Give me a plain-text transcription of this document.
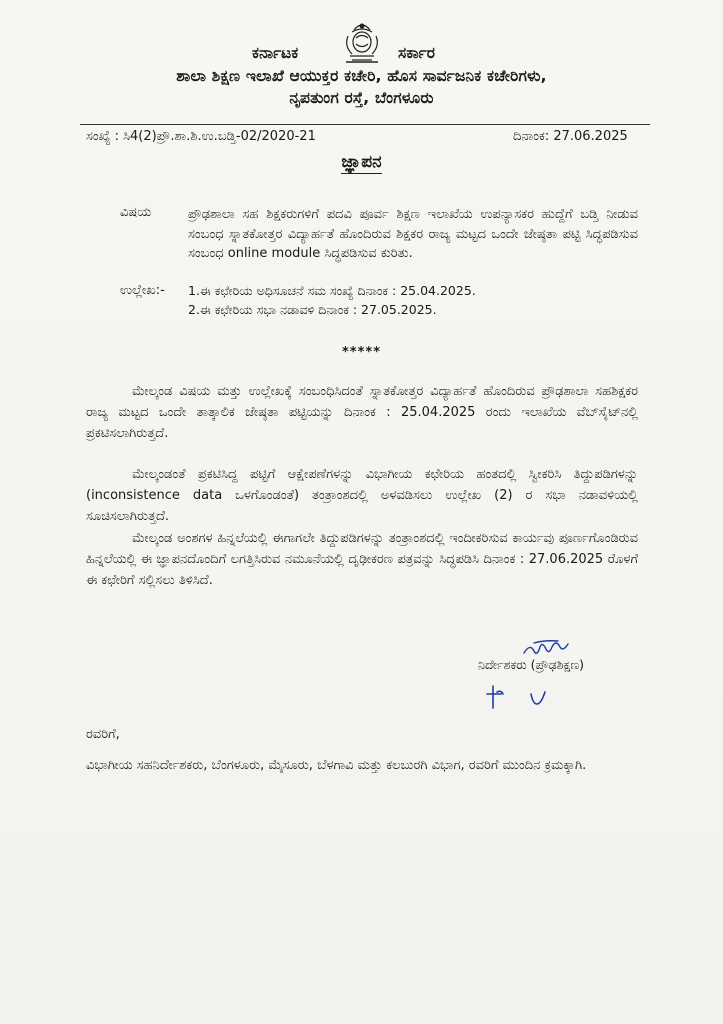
ಕರ್ನಾಟಕ	ಸರ್ಕಾರ
ಶಾಲಾ ಶಿಕ್ಷಣ ಇಲಾಖೆ ಆಯುಕ್ತರ ಕಚೇರಿ, ಹೊಸ ಸಾರ್ವಜನಿಕ ಕಚೇರಿಗಳು,
ನೃಪತುಂಗ ರಸ್ತೆ, ಬೆಂಗಳೂರು
ಸಂಖ್ಯೆ : ಸಿ4(2)ಪ್ರೌ.ಶಾ.ಶಿ.ಉ.ಬಡ್ತಿ-02/2020-21	ದಿನಾಂಕ: 27.06.2025
ಜ್ಞಾಪನ
ವಿಷಯ	ಪ್ರೌಢಶಾಲಾ ಸಹ ಶಿಕ್ಷಕರುಗಳಿಗೆ ಪದವಿ ಪೂರ್ವ ಶಿಕ್ಷಣ ಇಲಾಖೆಯ ಉಪನ್ಯಾಸಕರ ಹುದ್ದೆಗೆ ಬಡ್ತಿ ನೀಡುವ ಸಂಬಂಧ ಸ್ನಾತಕೋತ್ತರ ವಿದ್ಯಾರ್ಹತೆ ಹೊಂದಿರುವ ಶಿಕ್ಷಕರ ರಾಜ್ಯ ಮಟ್ಟದ ಒಂದೇ ಜೇಷ್ಠತಾ ಪಟ್ಟಿ ಸಿದ್ಧಪಡಿಸುವ ಸಂಬಂಧ online module ಸಿದ್ಧಪಡಿಸುವ ಕುರಿತು.
ಉಲ್ಲೇಖ:- 1.ಈ ಕಛೇರಿಯ ಅಧಿಸೂಚನೆ ಸಮ ಸಂಖ್ಯೆ ದಿನಾಂಕ : 25.04.2025.
2.ಈ ಕಛೇರಿಯ ಸಭಾ ನಡಾವಳಿ ದಿನಾಂಕ : 27.05.2025.
*****
ಮೇಲ್ಕಂಡ ವಿಷಯ ಮತ್ತು ಉಲ್ಲೇಖಕ್ಕೆ ಸಂಬಂಧಿಸಿದಂತೆ ಸ್ನಾತಕೋತ್ತರ ವಿದ್ಯಾರ್ಹತೆ ಹೊಂದಿರುವ ಪ್ರೌಢಶಾಲಾ ಸಹಶಿಕ್ಷಕರ ರಾಜ್ಯ ಮಟ್ಟದ ಒಂದೇ ತಾತ್ಕಾಲಿಕ ಜೇಷ್ಠತಾ ಪಟ್ಟಿಯನ್ನು ದಿನಾಂಕ : 25.04.2025 ರಂದು ಇಲಾಖೆಯ ವೆಬ್‌ಸೈಟ್‌ನಲ್ಲಿ ಪ್ರಕಟಿಸಲಾಗಿರುತ್ತದೆ.
ಮೇಲ್ಕಂಡಂತೆ ಪ್ರಕಟಿಸಿದ್ದ ಪಟ್ಟಿಗೆ ಆಕ್ಷೇಪಣೆಗಳನ್ನು ವಿಭಾಗೀಯ ಕಛೇರಿಯ ಹಂತದಲ್ಲಿ ಸ್ವೀಕರಿಸಿ ತಿದ್ದುಪಡಿಗಳನ್ನು (inconsistence data ಒಳಗೊಂಡಂತೆ) ತಂತ್ರಾಂಶದಲ್ಲಿ ಅಳವಡಿಸಲು ಉಲ್ಲೇಖ (2) ರ ಸಭಾ ನಡಾವಳಿಯಲ್ಲಿ ಸೂಚಿಸಲಾಗಿರುತ್ತದೆ.
ಮೇಲ್ಕಂಡ ಅಂಶಗಳ ಹಿನ್ನಲೆಯಲ್ಲಿ ಈಗಾಗಲೇ ತಿದ್ದುಪಡಿಗಳನ್ನು ತಂತ್ರಾಂಶದಲ್ಲಿ ಇಂದೀಕರಿಸುವ ಕಾರ್ಯವು ಪೂರ್ಣಗೊಂಡಿರುವ ಹಿನ್ನಲೆಯಲ್ಲಿ ಈ ಜ್ಞಾಪನದೊಂದಿಗೆ ಲಗತ್ತಿಸಿರುವ ನಮೂನೆಯಲ್ಲಿ ದೃಢೀಕರಣ ಪತ್ರವನ್ನು ಸಿದ್ಧಪಡಿಸಿ ದಿನಾಂಕ : 27.06.2025 ರೊಳಗೆ ಈ ಕಛೇರಿಗೆ ಸಲ್ಲಿಸಲು ತಿಳಿಸಿದೆ.
ನಿರ್ದೇಶಕರು (ಪ್ರೌಢಶಿಕ್ಷಣ)
ರವರಿಗೆ,
ವಿಭಾಗೀಯ ಸಹನಿರ್ದೇಶಕರು, ಬೆಂಗಳೂರು, ಮೈಸೂರು, ಬೆಳಗಾವಿ ಮತ್ತು ಕಲಬುರಗಿ ವಿಭಾಗ, ರವರಿಗೆ ಮುಂದಿನ ಕ್ರಮಕ್ಕಾಗಿ.
